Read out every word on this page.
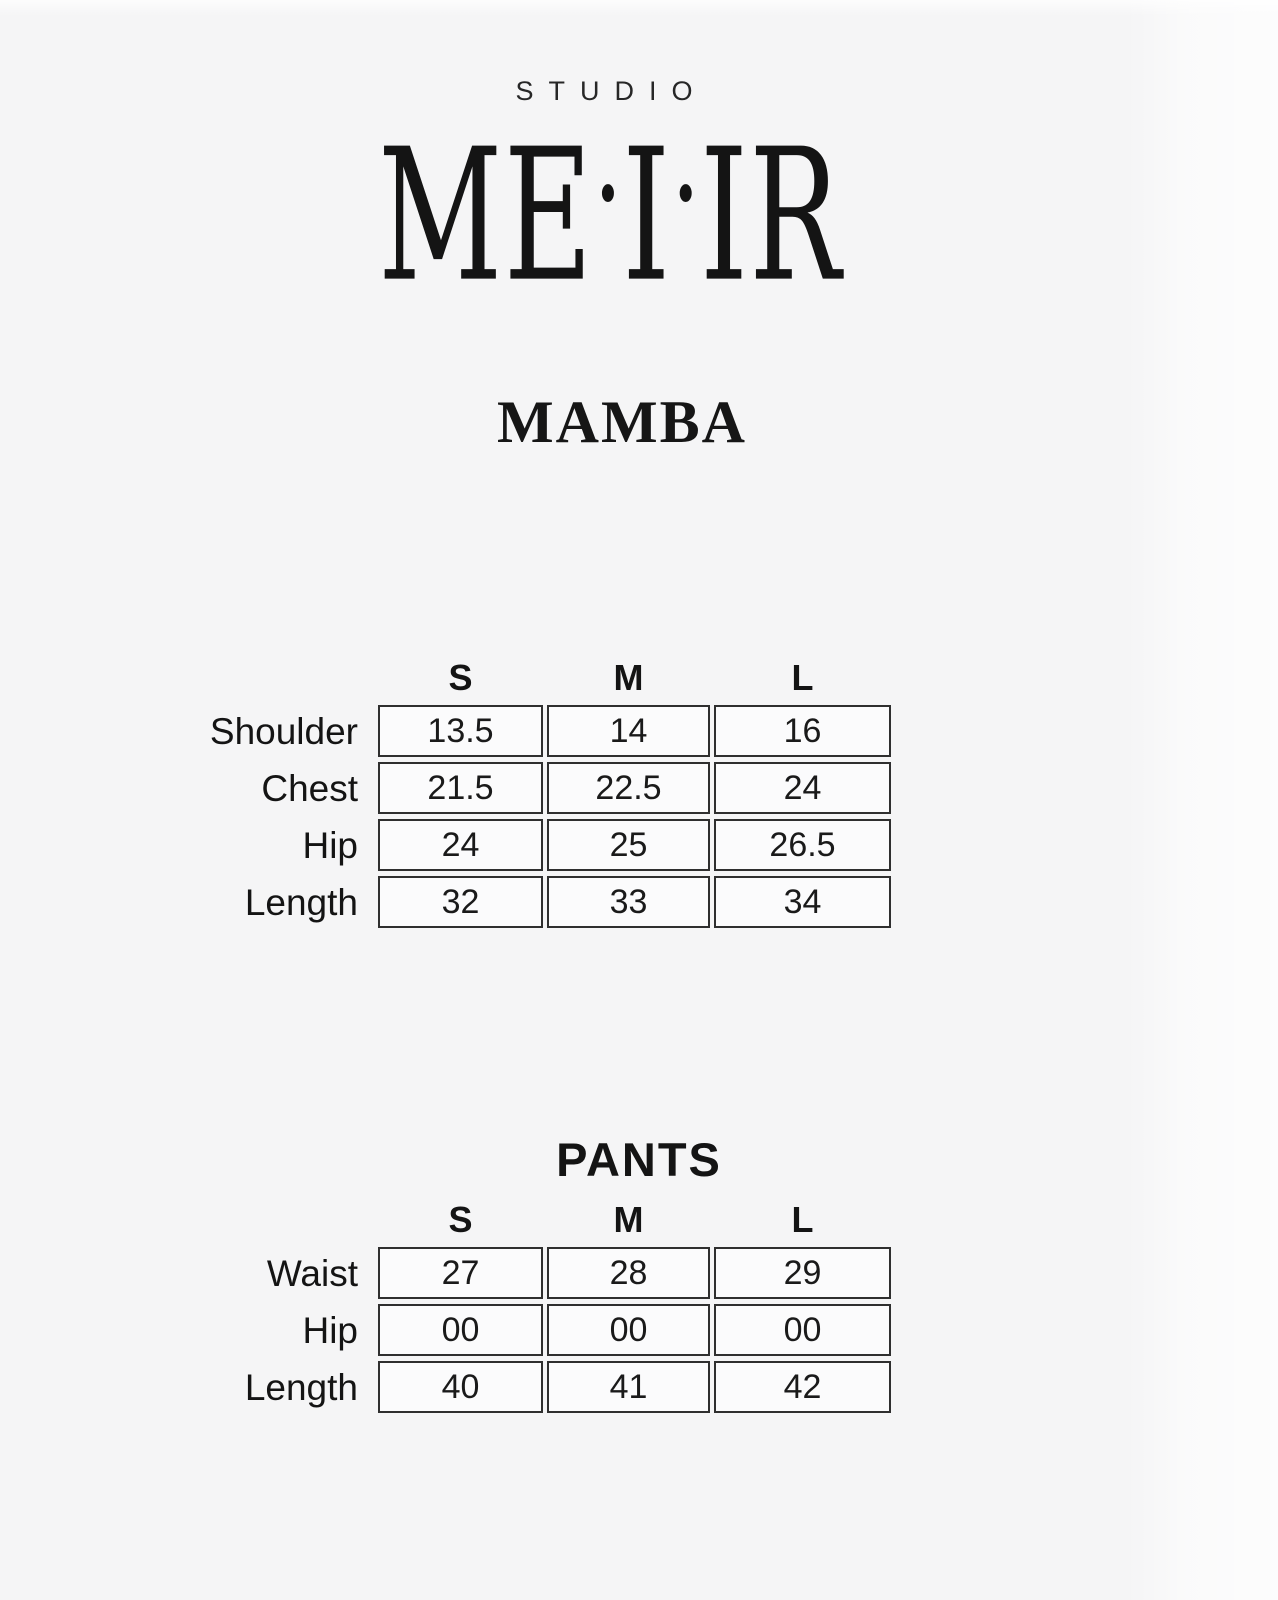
STUDIO
ME•I•IR
MAMBA
S	M	L
Shoulder	13.5	14	16
Chest	21.5	22.5	24
Hip	24	25	26.5
Length	32	33	34
PANTS
S	M	L
Waist	27	28	29
Hip	00	00	00
Length	40	41	42
